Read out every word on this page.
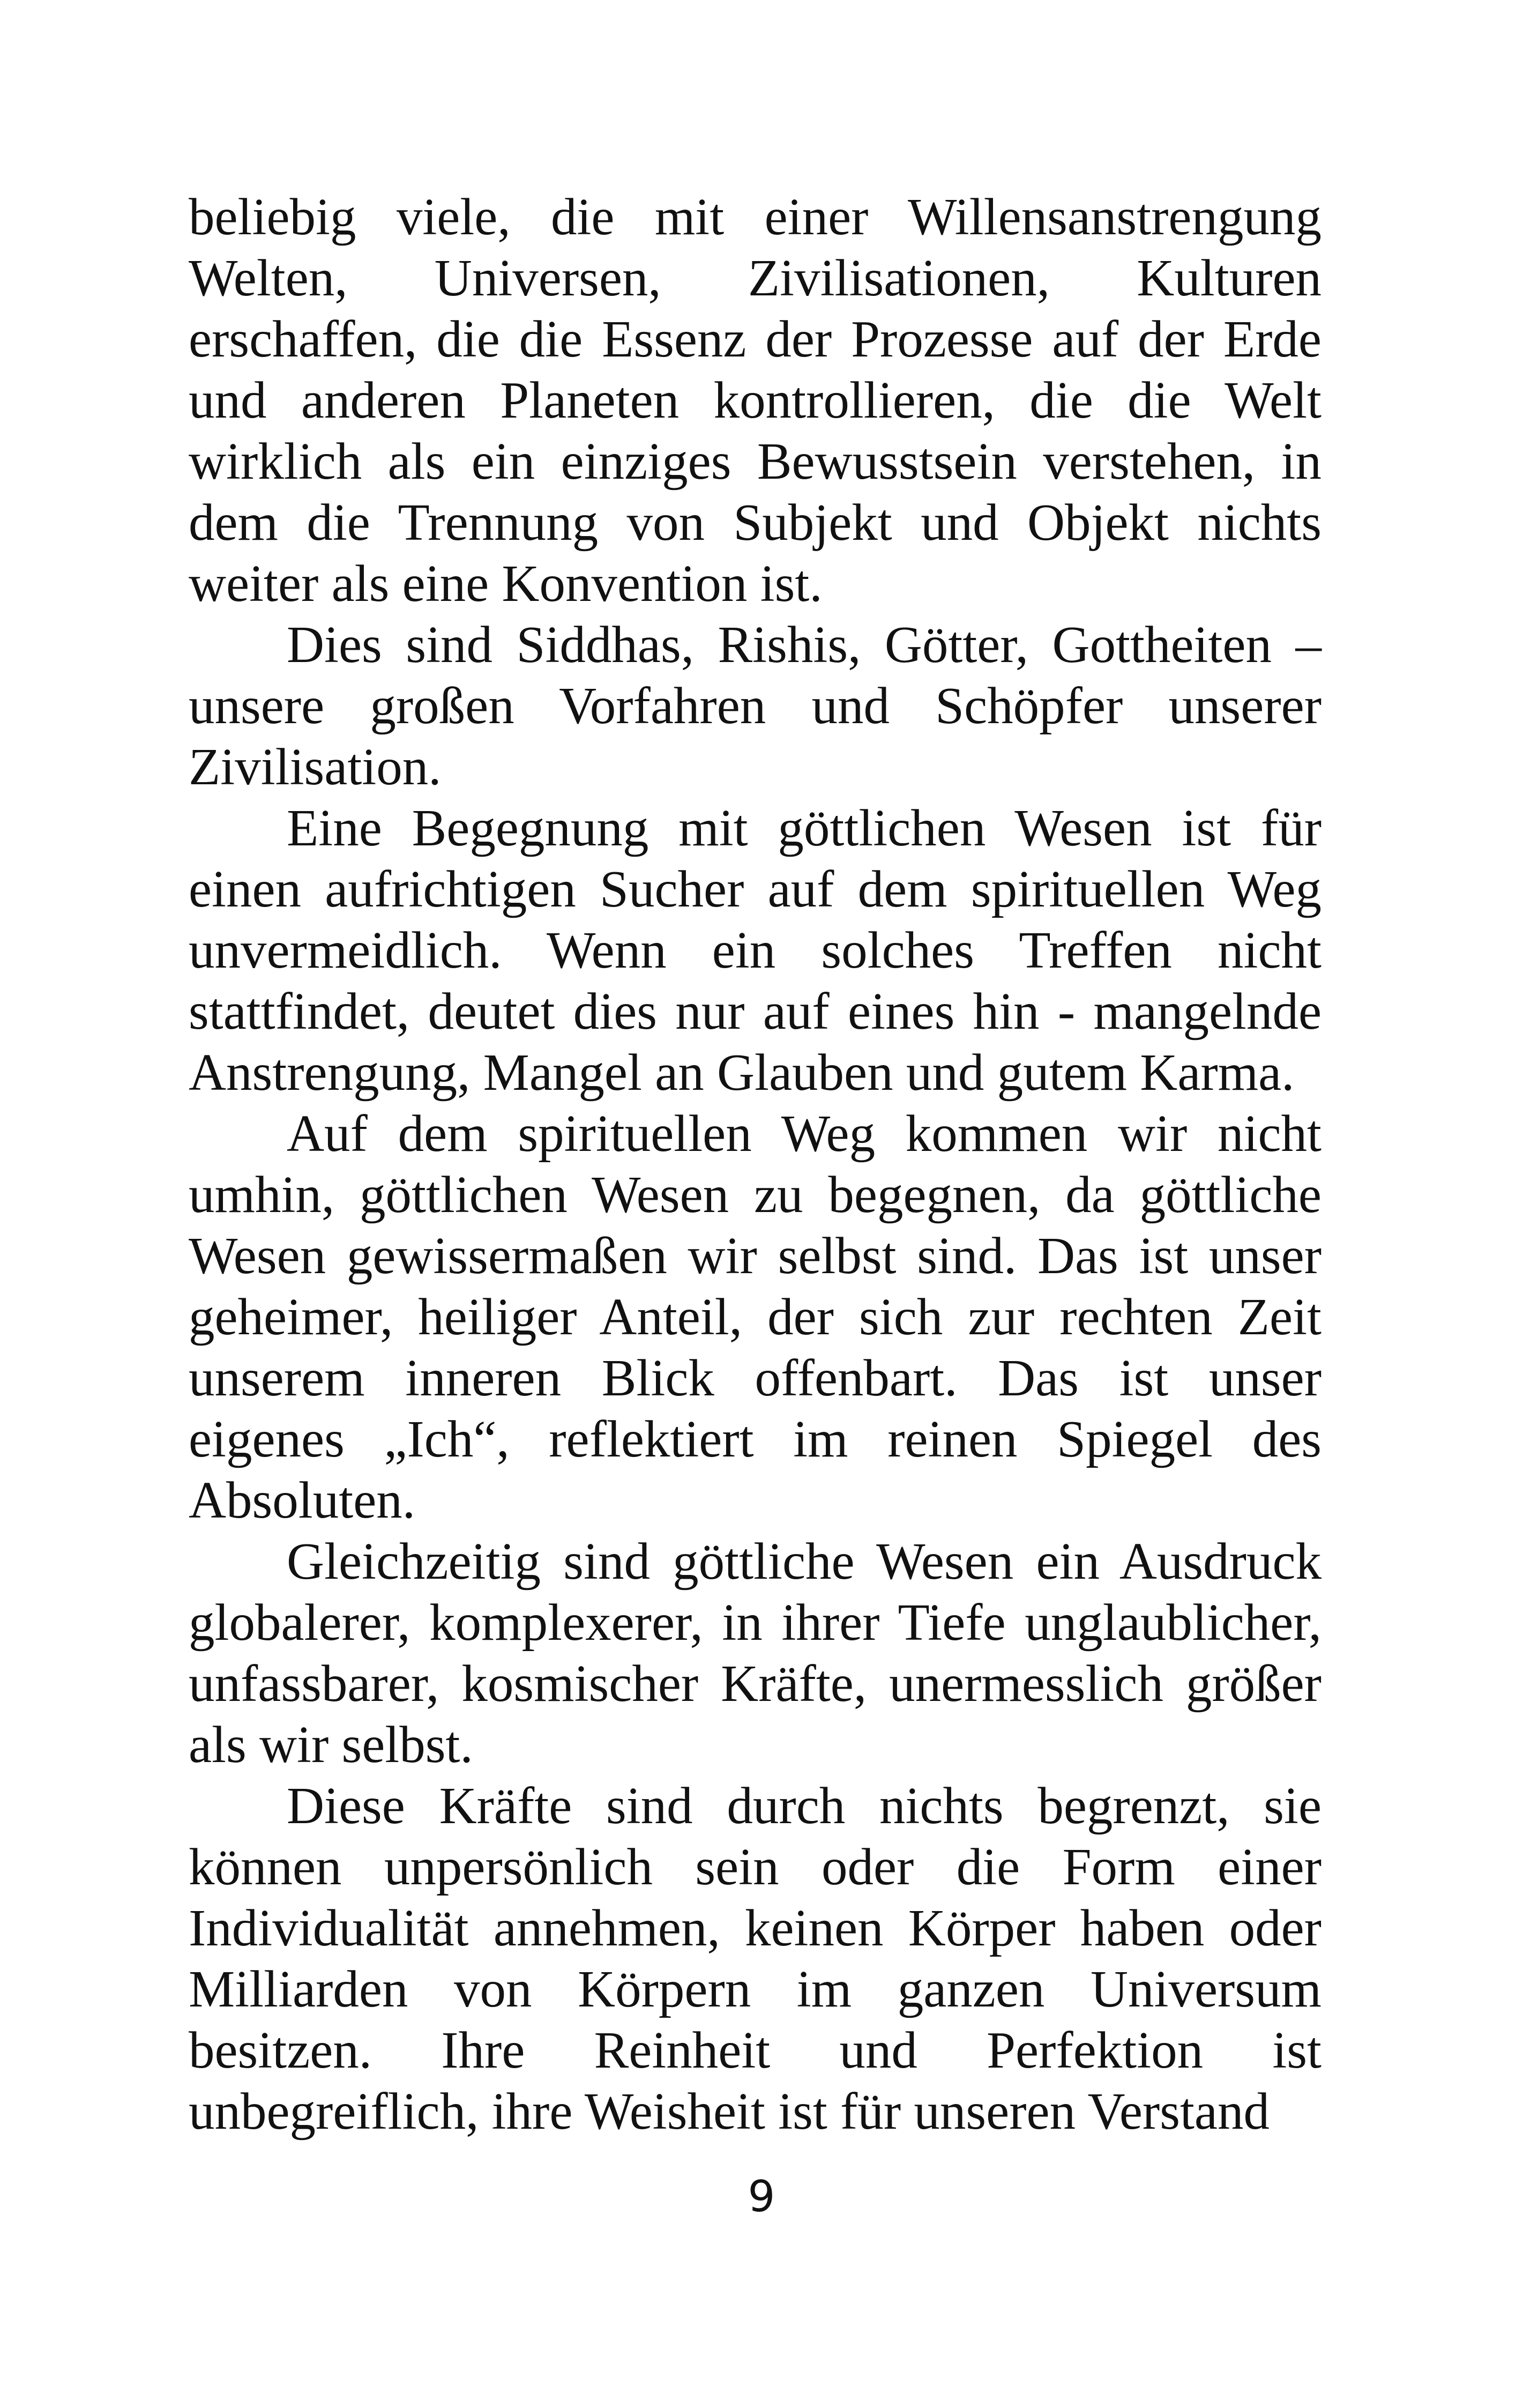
beliebig viele, die mit einer Willensanstrengung Welten, Universen, Zivilisationen, Kulturen erschaffen, die die Essenz der Prozesse auf der Erde und anderen Planeten kontrollieren, die die Welt wirklich als ein einziges Bewusstsein verstehen, in dem die Trennung von Subjekt und Objekt nichts weiter als eine Konvention ist.

Dies sind Siddhas, Rishis, Götter, Gottheiten – unsere großen Vorfahren und Schöpfer unserer Zivilisation.

Eine Begegnung mit göttlichen Wesen ist für einen aufrichtigen Sucher auf dem spirituellen Weg unvermeidlich. Wenn ein solches Treffen nicht stattfindet, deutet dies nur auf eines hin - mangelnde Anstrengung, Mangel an Glauben und gutem Karma.

Auf dem spirituellen Weg kommen wir nicht umhin, göttlichen Wesen zu begegnen, da göttliche Wesen gewissermaßen wir selbst sind. Das ist unser geheimer, heiliger Anteil, der sich zur rechten Zeit unserem inneren Blick offenbart. Das ist unser eigenes „Ich“, reflektiert im reinen Spiegel des Absoluten.

Gleichzeitig sind göttliche Wesen ein Ausdruck globalerer, komplexerer, in ihrer Tiefe unglaublicher, unfassbarer, kosmischer Kräfte, unermesslich größer als wir selbst.

Diese Kräfte sind durch nichts begrenzt, sie können unpersönlich sein oder die Form einer Individualität annehmen, keinen Körper haben oder Milliarden von Körpern im ganzen Universum besitzen. Ihre Reinheit und Perfektion ist unbegreiflich, ihre Weisheit ist für unseren Verstand

9
